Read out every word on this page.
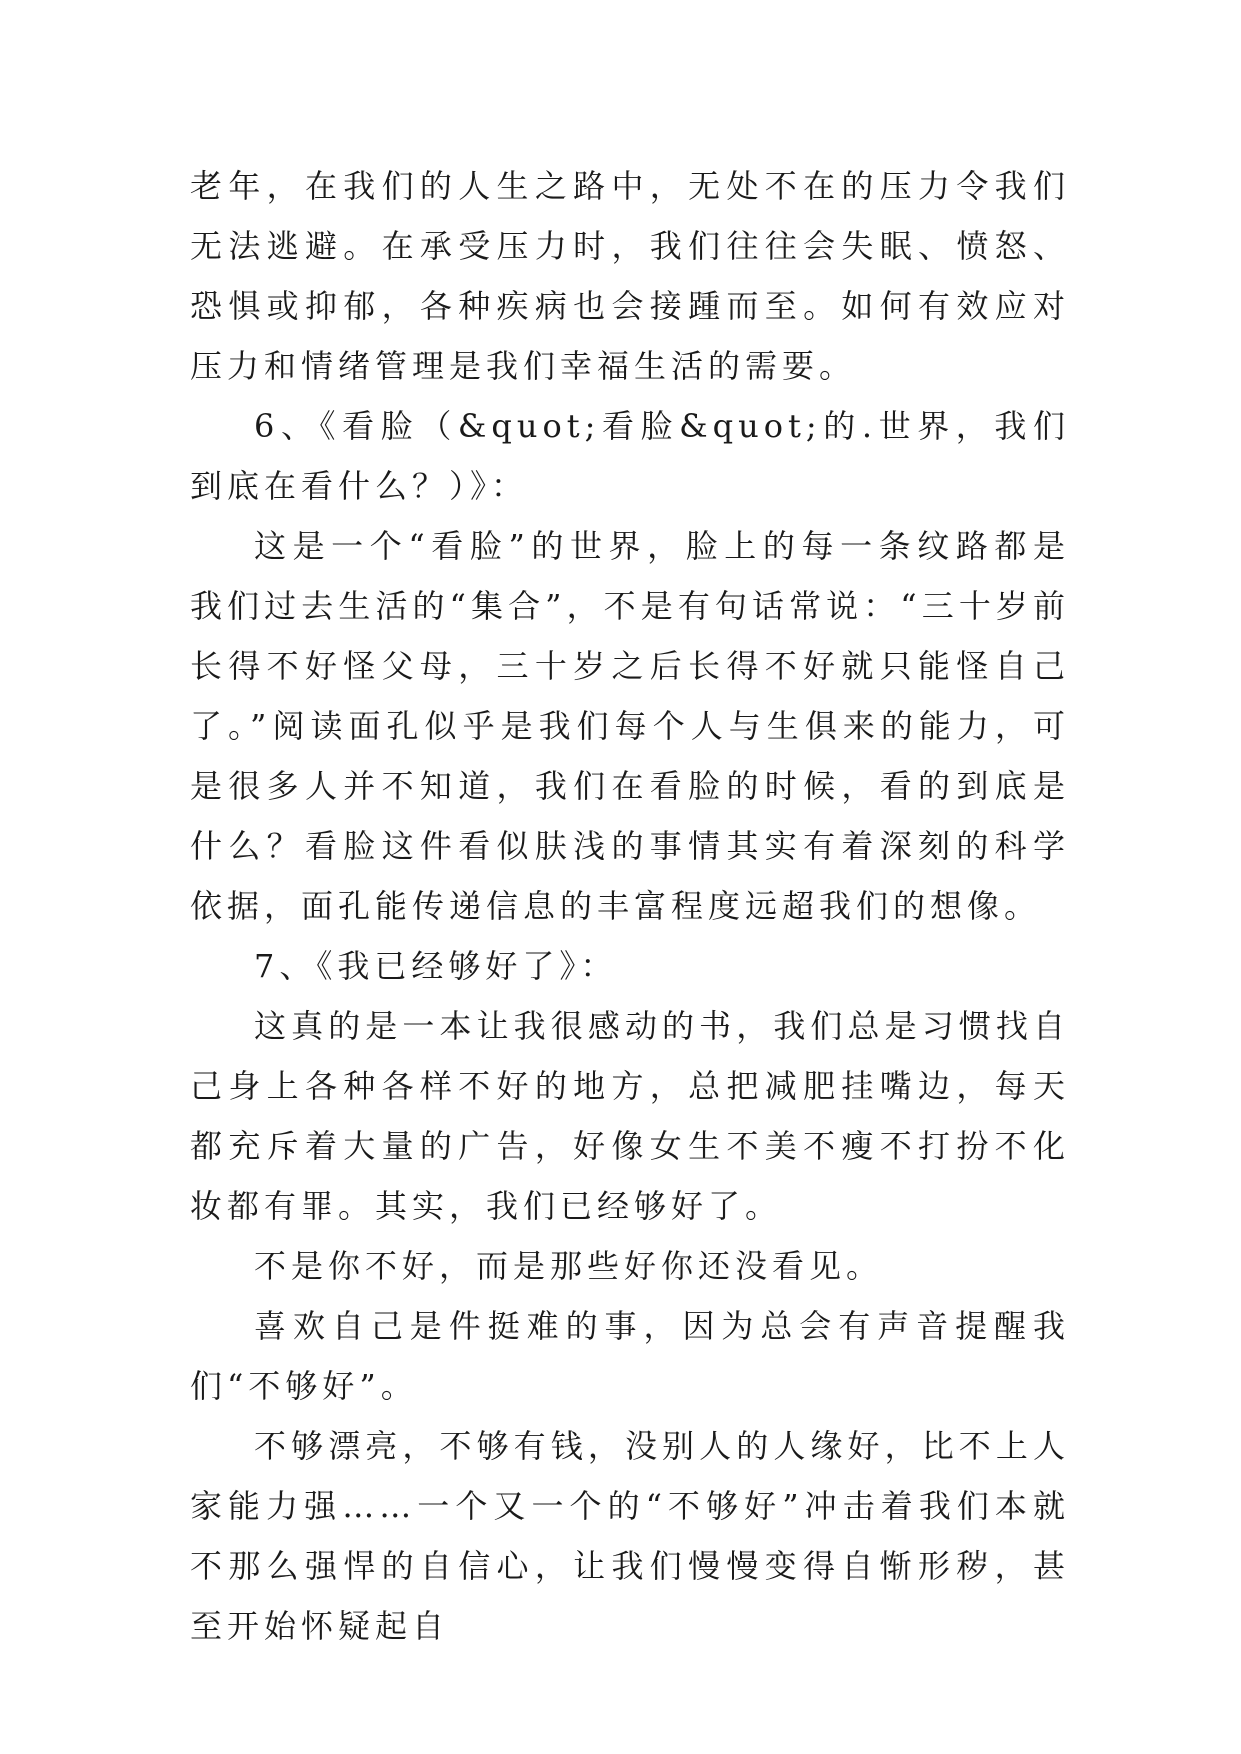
老年，在我们的人生之路中，无处不在的压力令我们无法逃避。在承受压力时，我们往往会失眠、愤怒、恐惧或抑郁，各种疾病也会接踵而至。如何有效应对压力和情绪管理是我们幸福生活的需要。

6、《看脸（&quot;看脸&quot;的.世界，我们到底在看什么？）》：

这是一个“看脸”的世界，脸上的每一条纹路都是我们过去生活的“集合”，不是有句话常说：“三十岁前长得不好怪父母，三十岁之后长得不好就只能怪自己了。”阅读面孔似乎是我们每个人与生俱来的能力，可是很多人并不知道，我们在看脸的时候，看的到底是什么？看脸这件看似肤浅的事情其实有着深刻的科学依据，面孔能传递信息的丰富程度远超我们的想像。

7、《我已经够好了》：

这真的是一本让我很感动的书，我们总是习惯找自己身上各种各样不好的地方，总把减肥挂嘴边，每天都充斥着大量的广告，好像女生不美不瘦不打扮不化妆都有罪。其实，我们已经够好了。

不是你不好，而是那些好你还没看见。

喜欢自己是件挺难的事，因为总会有声音提醒我们“不够好”。

不够漂亮，不够有钱，没别人的人缘好，比不上人家能力强……一个又一个的“不够好”冲击着我们本就不那么强悍的自信心，让我们慢慢变得自惭形秽，甚至开始怀疑起自
